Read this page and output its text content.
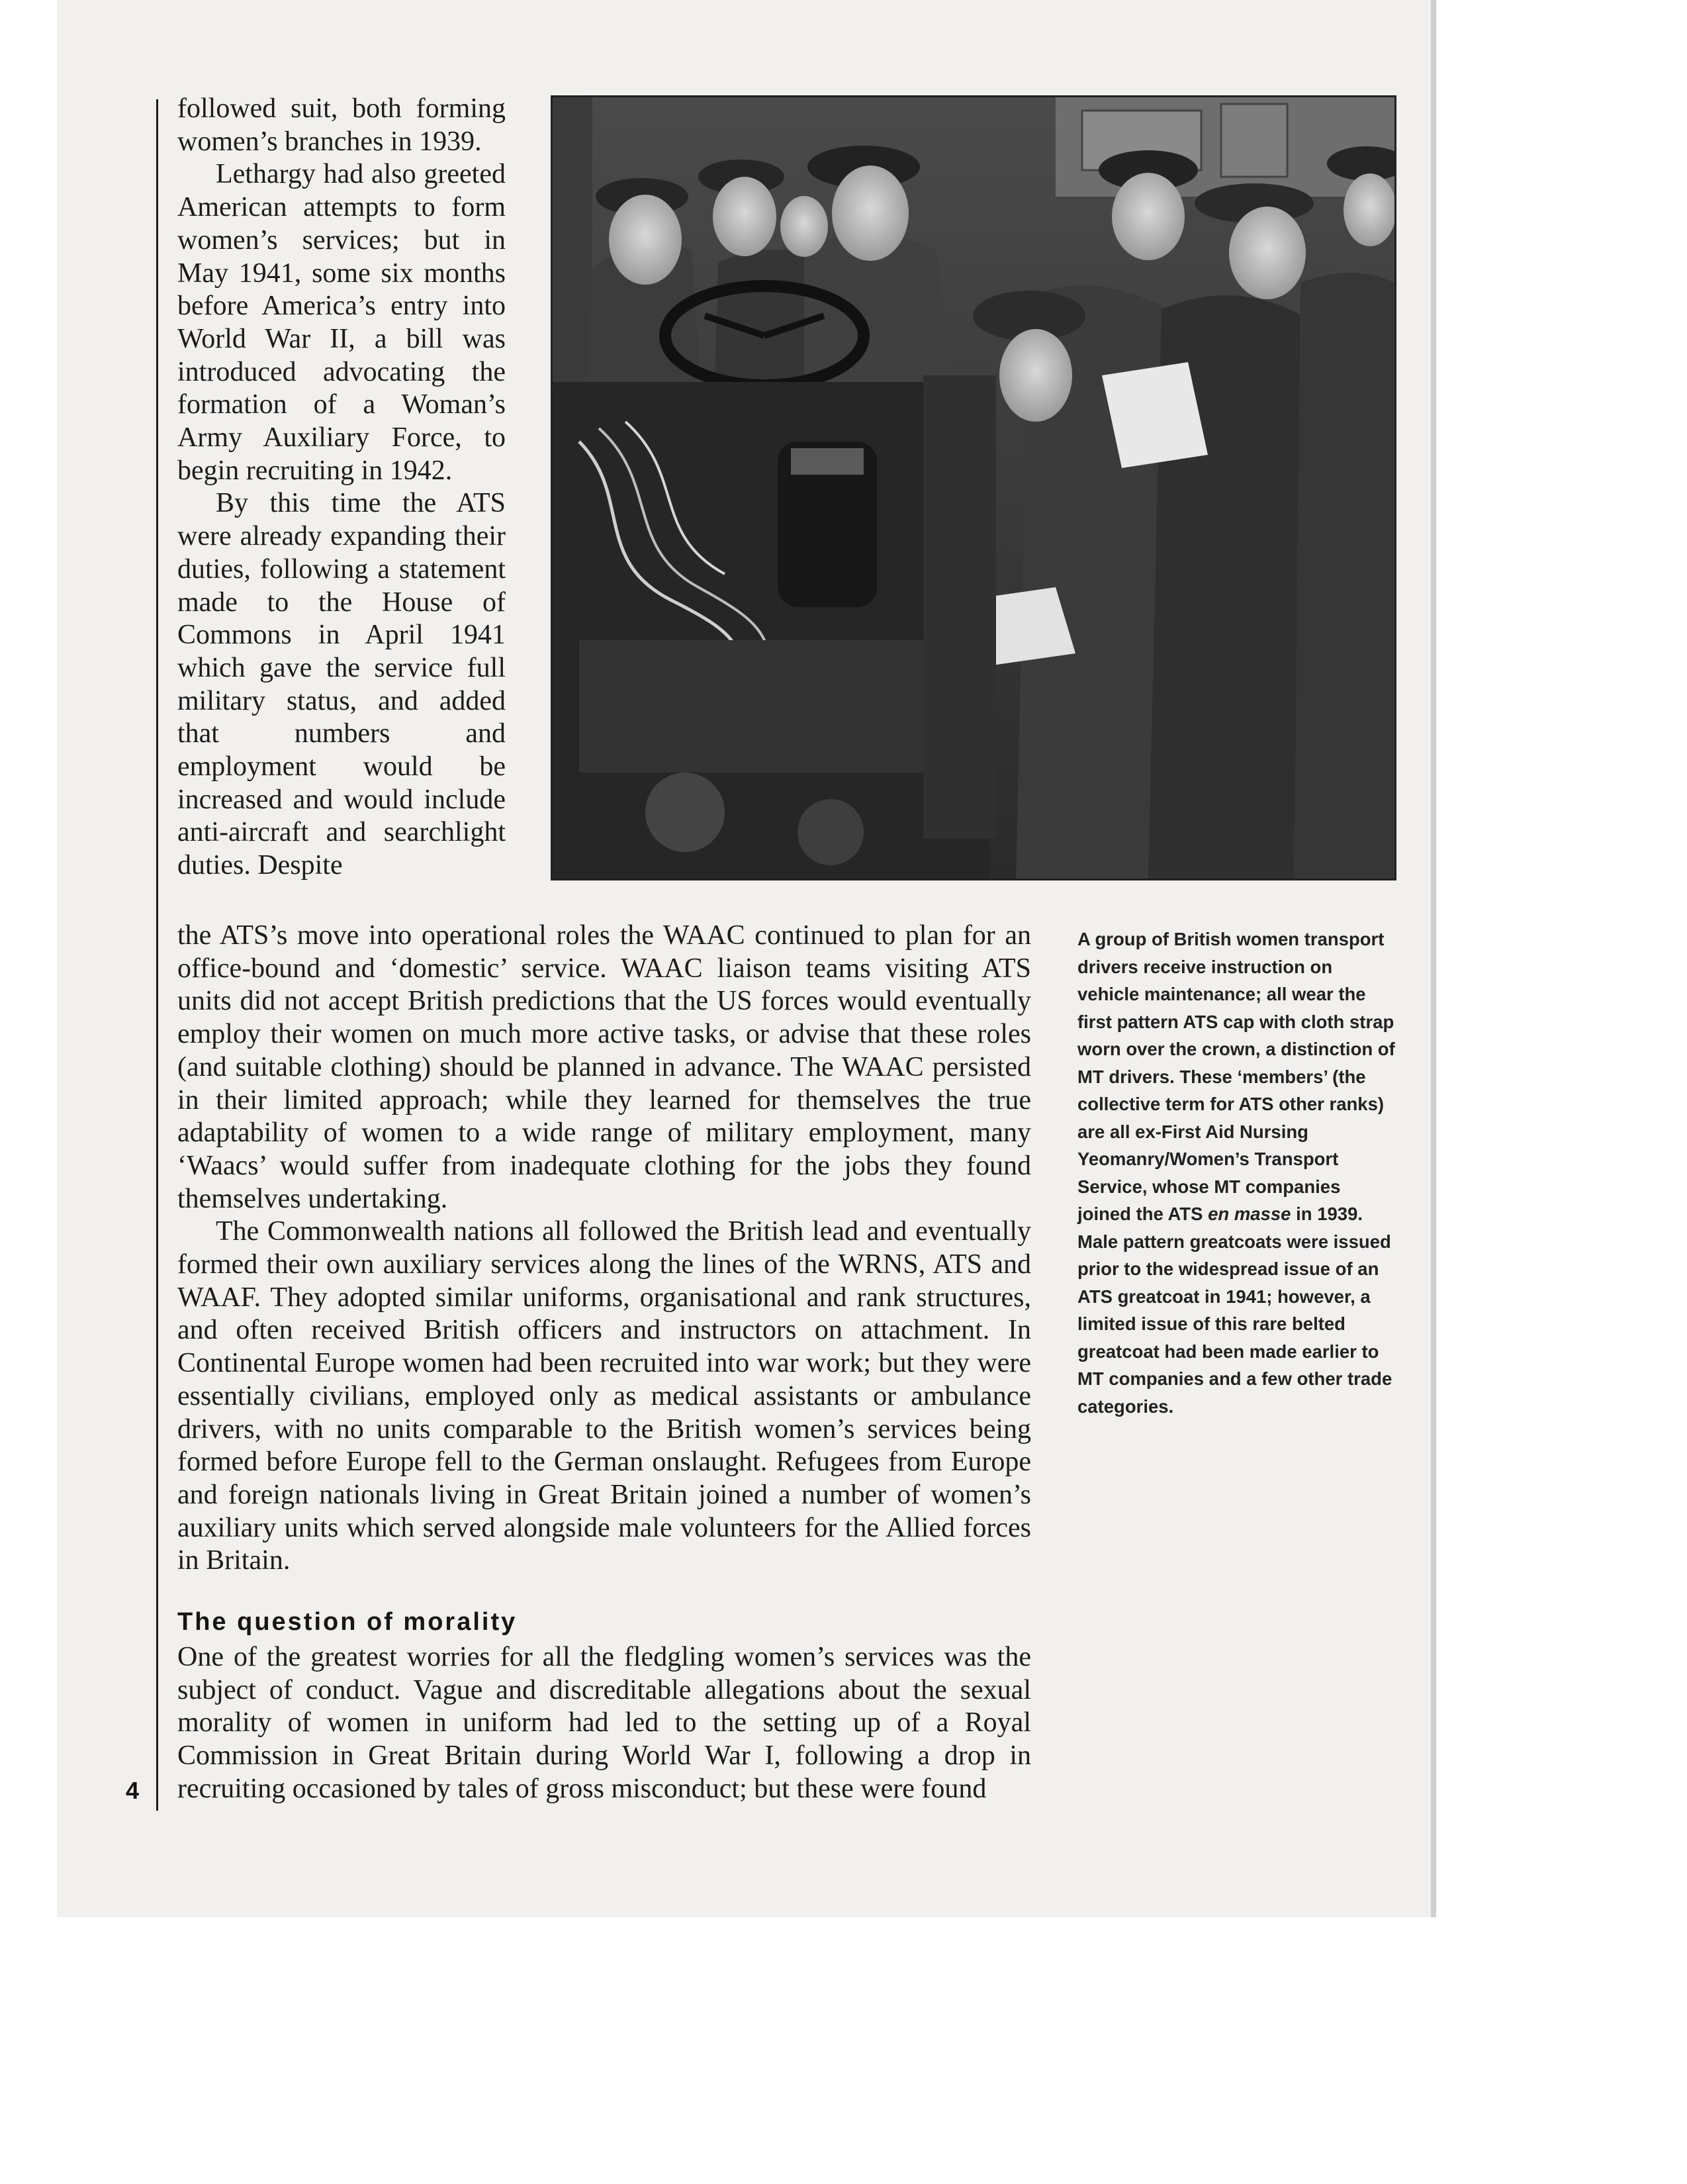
followed suit, both forming women’s branches in 1939.

Lethargy had also greeted American attempts to form women’s services; but in May 1941, some six months before America’s entry into World War II, a bill was introduced advocating the formation of a Woman’s Army Auxiliary Force, to begin recruiting in 1942.

By this time the ATS were already expanding their duties, following a statement made to the House of Commons in April 1941 which gave the service full military status, and added that numbers and employment would be increased and would include anti-aircraft and searchlight duties. Despite

the ATS’s move into operational roles the WAAC continued to plan for an office-bound and ‘domestic’ service. WAAC liaison teams visiting ATS units did not accept British predictions that the US forces would eventually employ their women on much more active tasks, or advise that these roles (and suitable clothing) should be planned in advance. The WAAC persisted in their limited approach; while they learned for themselves the true adaptability of women to a wide range of military employment, many ‘Waacs’ would suffer from inadequate clothing for the jobs they found themselves undertaking.

The Commonwealth nations all followed the British lead and eventually formed their own auxiliary services along the lines of the WRNS, ATS and WAAF. They adopted similar uniforms, organisational and rank structures, and often received British officers and instructors on attachment. In Continental Europe women had been recruited into war work; but they were essentially civilians, employed only as medical assistants or ambulance drivers, with no units comparable to the British women’s services being formed before Europe fell to the German onslaught. Refugees from Europe and foreign nationals living in Great Britain joined a number of women’s auxiliary units which served alongside male volunteers for the Allied forces in Britain.

The question of morality

One of the greatest worries for all the fledgling women’s services was the subject of conduct. Vague and discreditable allegations about the sexual morality of women in uniform had led to the setting up of a Royal Commission in Great Britain during World War I, following a drop in recruiting occasioned by tales of gross misconduct; but these were found

A group of British women transport drivers receive instruction on vehicle maintenance; all wear the first pattern ATS cap with cloth strap worn over the crown, a distinction of MT drivers. These ‘members’ (the collective term for ATS other ranks) are all ex-First Aid Nursing Yeomanry/Women’s Transport Service, whose MT companies joined the ATS en masse in 1939. Male pattern greatcoats were issued prior to the widespread issue of an ATS greatcoat in 1941; however, a limited issue of this rare belted greatcoat had been made earlier to MT companies and a few other trade categories.

4
